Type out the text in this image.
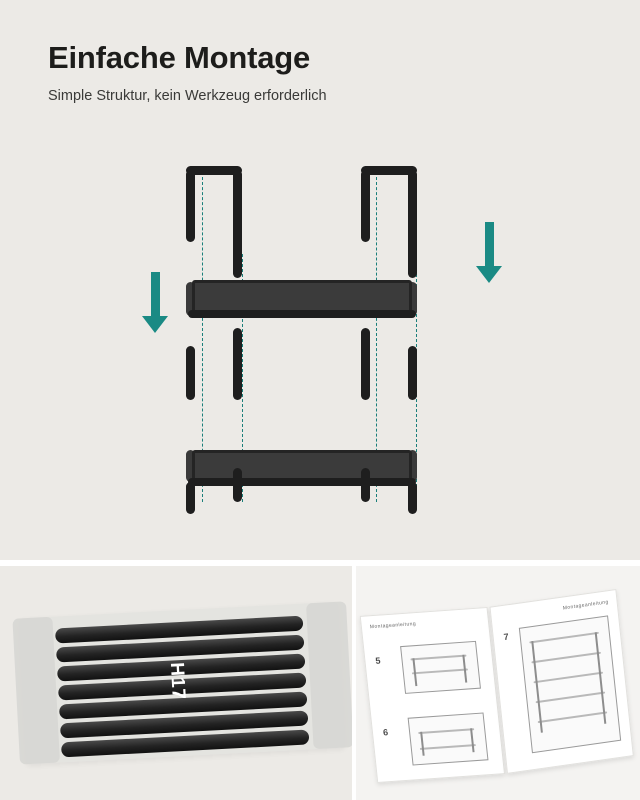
Einfache Montage
Simple Struktur, kein Werkzeug erforderlich
H17
Montageanleitung
5
6
Montageanleitung
7
